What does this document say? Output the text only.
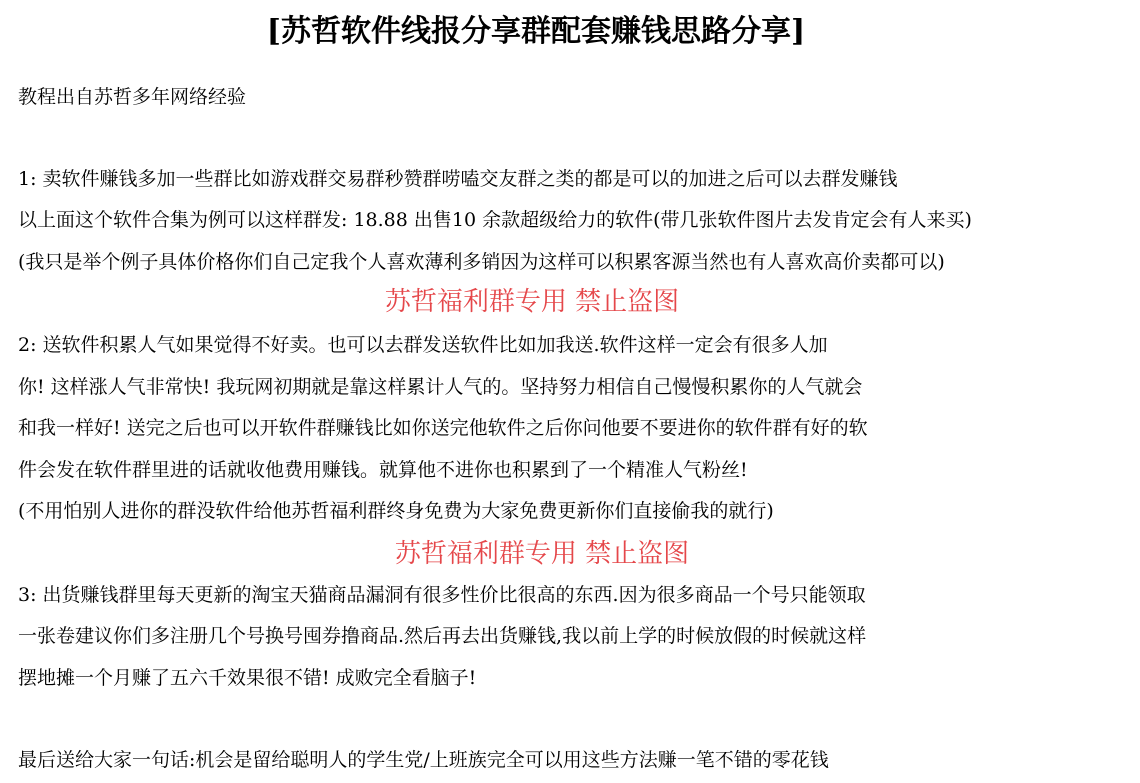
[苏哲软件线报分享群配套赚钱思路分享]
教程出自苏哲多年网络经验
1: 卖软件赚钱多加一些群比如游戏群交易群秒赞群唠嗑交友群之类的都是可以的加进之后可以去群发赚钱
以上面这个软件合集为例可以这样群发: 18.88 出售10 余款超级给力的软件(带几张软件图片去发肯定会有人来买)
(我只是举个例子具体价格你们自己定我个人喜欢薄利多销因为这样可以积累客源当然也有人喜欢高价卖都可以)
苏哲福利群专用 禁止盗图
2: 送软件积累人气如果觉得不好卖。也可以去群发送软件比如加我送.软件这样一定会有很多人加
你! 这样涨人气非常快! 我玩网初期就是靠这样累计人气的。坚持努力相信自己慢慢积累你的人气就会
和我一样好! 送完之后也可以开软件群赚钱比如你送完他软件之后你问他要不要进你的软件群有好的软
件会发在软件群里进的话就收他费用赚钱。就算他不进你也积累到了一个精准人气粉丝!
(不用怕别人进你的群没软件给他苏哲福利群终身免费为大家免费更新你们直接偷我的就行)
苏哲福利群专用 禁止盗图
3: 出货赚钱群里每天更新的淘宝天猫商品漏洞有很多性价比很高的东西.因为很多商品一个号只能领取
一张卷建议你们多注册几个号换号囤券撸商品.然后再去出货赚钱,我以前上学的时候放假的时候就这样
摆地摊一个月赚了五六千效果很不错! 成败完全看脑子!
最后送给大家一句话:机会是留给聪明人的学生党/上班族完全可以用这些方法赚一笔不错的零花钱
